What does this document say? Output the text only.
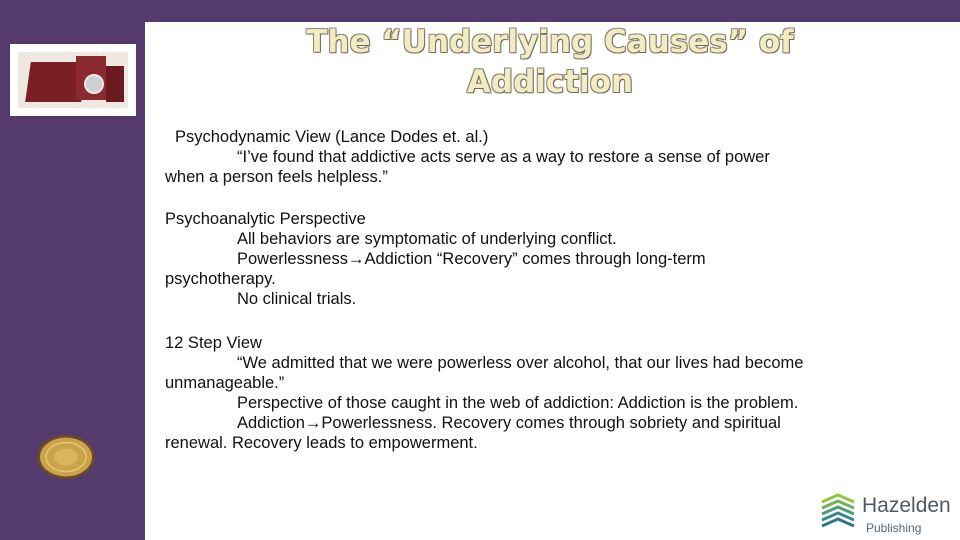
The “Underlying Causes” of
Addiction
Psychodynamic View (Lance Dodes et. al.)
“I’ve found that addictive acts serve as a way to restore a sense of power
when a person feels helpless.”
Psychoanalytic Perspective
All behaviors are symptomatic of underlying conflict.
Powerlessness→Addiction “Recovery” comes through long-term
psychotherapy.
No clinical trials.
12 Step View
“We admitted that we were powerless over alcohol, that our lives had become
unmanageable.”
Perspective of those caught in the web of addiction: Addiction is the problem.
Addiction→Powerlessness. Recovery comes through sobriety and spiritual
renewal. Recovery leads to empowerment.
Hazelden
Publishing
